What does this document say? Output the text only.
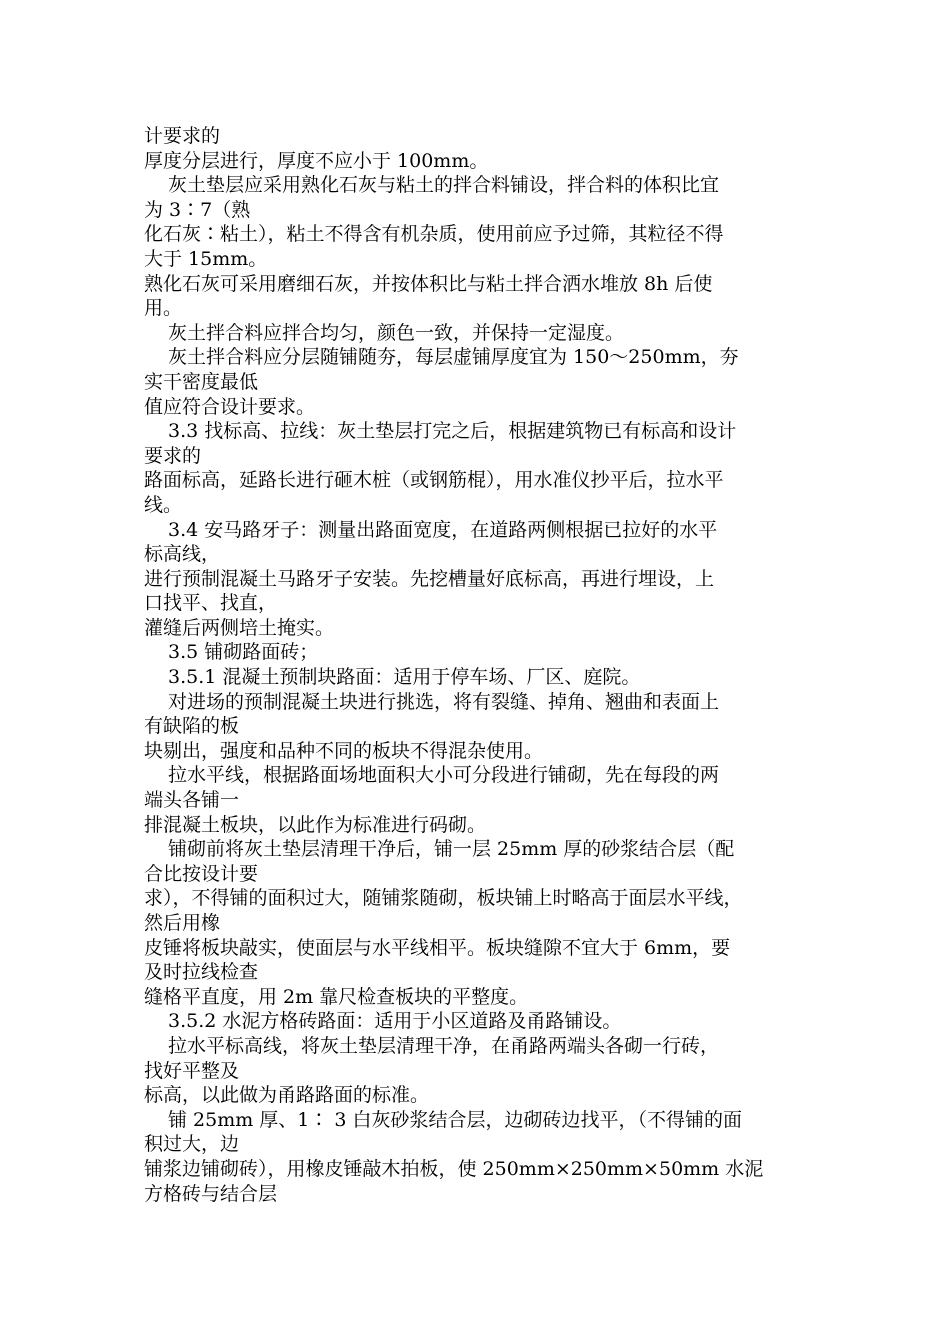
计要求的
厚度分层进行，厚度不应小于 100mm。
灰土垫层应采用熟化石灰与粘土的拌合料铺设，拌合料的体积比宜
为 3∶7（熟
化石灰∶粘土），粘土不得含有机杂质，使用前应予过筛，其粒径不得
大于 15mm。
熟化石灰可采用磨细石灰，并按体积比与粘土拌合洒水堆放 8h 后使
用。
灰土拌合料应拌合均匀，颜色一致，并保持一定湿度。
灰土拌合料应分层随铺随夯，每层虚铺厚度宜为 150～250mm，夯
实干密度最低
值应符合设计要求。
3.3 找标高、拉线：灰土垫层打完之后，根据建筑物已有标高和设计
要求的
路面标高，延路长进行砸木桩（或钢筋棍），用水准仪抄平后，拉水平
线。
3.4 安马路牙子：测量出路面宽度，在道路两侧根据已拉好的水平
标高线，
进行预制混凝土马路牙子安装。先挖槽量好底标高，再进行埋设，上
口找平、找直，
灌缝后两侧培土掩实。
3.5 铺砌路面砖；
3.5.1 混凝土预制块路面：适用于停车场、厂区、庭院。
对进场的预制混凝土块进行挑选，将有裂缝、掉角、翘曲和表面上
有缺陷的板
块剔出，强度和品种不同的板块不得混杂使用。
拉水平线，根据路面场地面积大小可分段进行铺砌，先在每段的两
端头各铺一
排混凝土板块，以此作为标准进行码砌。
铺砌前将灰土垫层清理干净后，铺一层 25mm 厚的砂浆结合层（配
合比按设计要
求），不得铺的面积过大，随铺浆随砌，板块铺上时略高于面层水平线，
然后用橡
皮锤将板块敲实，使面层与水平线相平。板块缝隙不宜大于 6mm，要
及时拉线检查
缝格平直度，用 2m 靠尺检查板块的平整度。
3.5.2 水泥方格砖路面：适用于小区道路及甬路铺设。
拉水平标高线，将灰土垫层清理干净，在甬路两端头各砌一行砖，
找好平整及
标高，以此做为甬路路面的标准。
铺 25mm 厚、1∶ 3 白灰砂浆结合层，边砌砖边找平，（不得铺的面
积过大，边
铺浆边铺砌砖），用橡皮锤敲木拍板，使 250mm×250mm×50mm 水泥
方格砖与结合层
